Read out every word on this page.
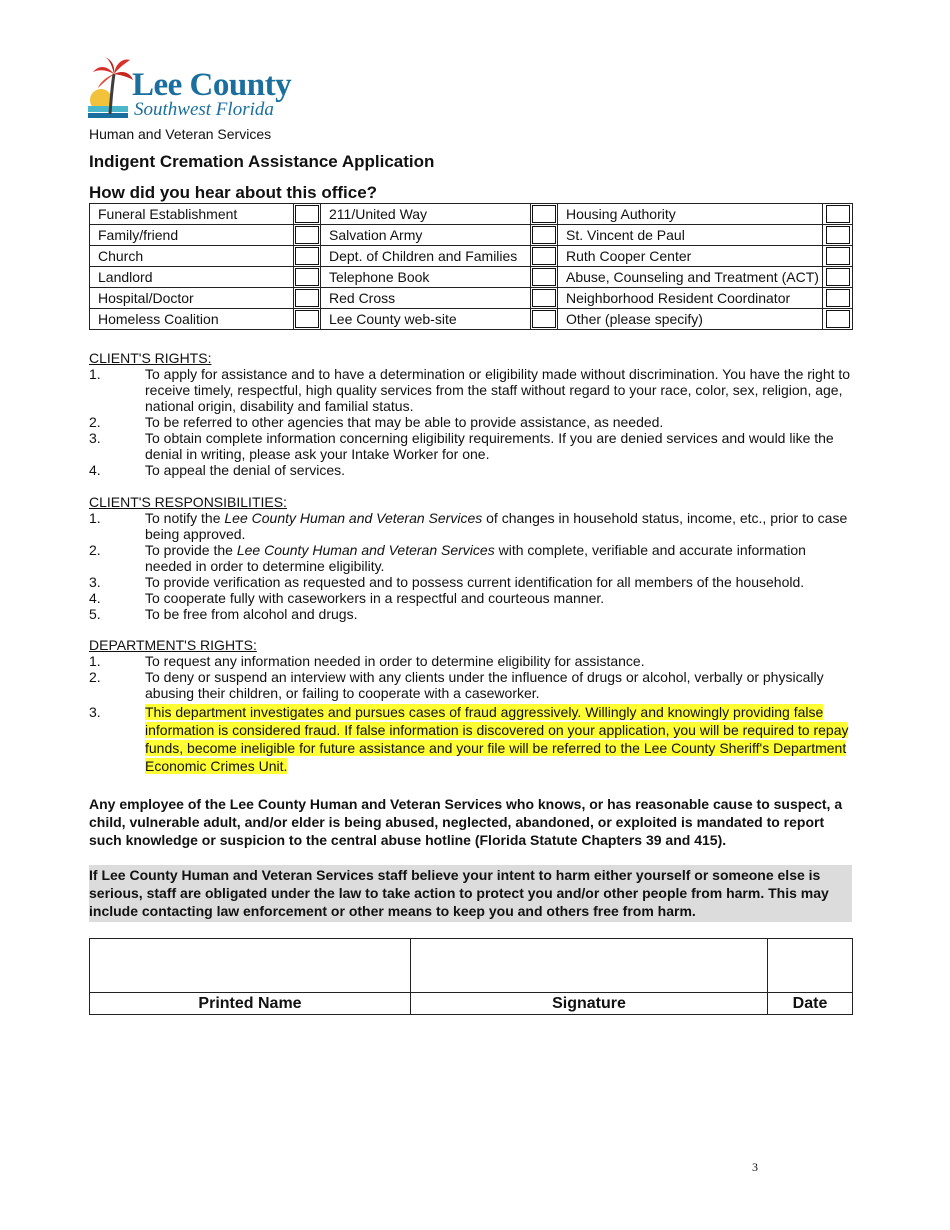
Lee County
Southwest Florida
Human and Veteran Services
Indigent Cremation Assistance Application
How did you hear about this office?
Funeral Establishment		211/United Way		Housing Authority	

Family/friend		Salvation Army		St. Vincent de Paul	

Church		Dept. of Children and Families		Ruth Cooper Center	

Landlord		Telephone Book		Abuse, Counseling and Treatment (ACT)	

Hospital/Doctor		Red Cross		Neighborhood Resident Coordinator	

Homeless Coalition		Lee County web-site		Other (please specify)	
CLIENT'S RIGHTS:
1.	To apply for assistance and to have a determination or eligibility made without discrimination. You have the right to receive timely, respectful, high quality services from the staff without regard to your race, color, sex, religion, age, national origin, disability and familial status.
2.	To be referred to other agencies that may be able to provide assistance, as needed.
3.	To obtain complete information concerning eligibility requirements. If you are denied services and would like the denial in writing, please ask your Intake Worker for one.
4.	To appeal the denial of services.
CLIENT'S RESPONSIBILITIES:
1.	To notify the Lee County Human and Veteran Services of changes in household status, income, etc., prior to case being approved.
2.	To provide the Lee County Human and Veteran Services with complete, verifiable and accurate information needed in order to determine eligibility.
3.	To provide verification as requested and to possess current identification for all members of the household.
4.	To cooperate fully with caseworkers in a respectful and courteous manner.
5.	To be free from alcohol and drugs.
DEPARTMENT'S RIGHTS:
1.	To request any information needed in order to determine eligibility for assistance.
2.	To deny or suspend an interview with any clients under the influence of drugs or alcohol, verbally or physically abusing their children, or failing to cooperate with a caseworker.
3.	This department investigates and pursues cases of fraud aggressively. Willingly and knowingly providing false information is considered fraud. If false information is discovered on your application, you will be required to repay funds, become ineligible for future assistance and your file will be referred to the Lee County Sheriff's Department Economic Crimes Unit.
Any employee of the Lee County Human and Veteran Services who knows, or has reasonable cause to suspect, a child, vulnerable adult, and/or elder is being abused, neglected, abandoned, or exploited is mandated to report such knowledge or suspicion to the central abuse hotline (Florida Statute Chapters 39 and 415).
If Lee County Human and Veteran Services staff believe your intent to harm either yourself or someone else is serious, staff are obligated under the law to take action to protect you and/or other people from harm. This may include contacting law enforcement or other means to keep you and others free from harm.

Printed Name	Signature	Date
3
